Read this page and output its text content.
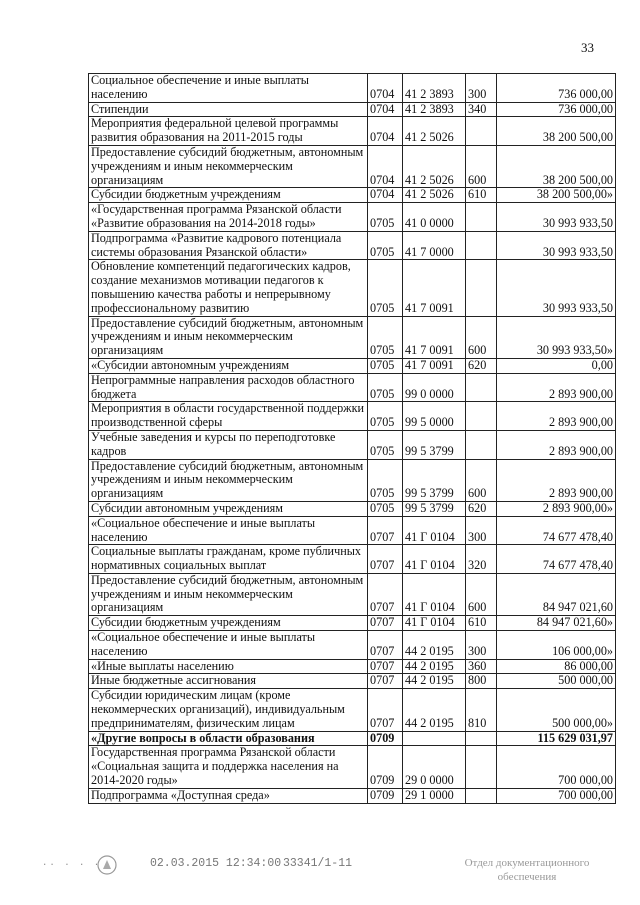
33
Социальное обеспечение и иные выплаты населению	0704	41 2 3893	300	736 000,00
Стипендии	0704	41 2 3893	340	736 000,00
Мероприятия федеральной целевой программы развития образования на 2011-2015 годы	0704	41 2 5026		38 200 500,00
Предоставление субсидий бюджетным, автономным учреждениям и иным некоммерческим организациям	0704	41 2 5026	600	38 200 500,00
Субсидии бюджетным учреждениям	0704	41 2 5026	610	38 200 500,00»
«Государственная программа Рязанской области «Развитие образования на 2014-2018 годы»	0705	41 0 0000		30 993 933,50
Подпрограмма «Развитие кадрового потенциала системы образования Рязанской области»	0705	41 7 0000		30 993 933,50
Обновление компетенций педагогических кадров, создание механизмов мотивации педагогов к повышению качества работы и непрерывному профессиональному развитию	0705	41 7 0091		30 993 933,50
Предоставление субсидий бюджетным, автономным учреждениям и иным некоммерческим организациям	0705	41 7 0091	600	30 993 933,50»
«Субсидии автономным учреждениям	0705	41 7 0091	620	0,00
Непрограммные направления расходов областного бюджета	0705	99 0 0000		2 893 900,00
Мероприятия в области государственной поддержки производственной сферы	0705	99 5 0000		2 893 900,00
Учебные заведения и курсы по переподготовке кадров	0705	99 5 3799		2 893 900,00
Предоставление субсидий бюджетным, автономным учреждениям и иным некоммерческим организациям	0705	99 5 3799	600	2 893 900,00
Субсидии автономным учреждениям	0705	99 5 3799	620	2 893 900,00»
«Социальное обеспечение и иные выплаты населению	0707	41 Г 0104	300	74 677 478,40
Социальные выплаты гражданам, кроме публичных нормативных социальных выплат	0707	41 Г 0104	320	74 677 478,40
Предоставление субсидий бюджетным, автономным учреждениям и иным некоммерческим организациям	0707	41 Г 0104	600	84 947 021,60
Субсидии бюджетным учреждениям	0707	41 Г 0104	610	84 947 021,60»
«Социальное обеспечение и иные выплаты населению	0707	44 2 0195	300	106 000,00»
«Иные выплаты населению	0707	44 2 0195	360	86 000,00
Иные бюджетные ассигнования	0707	44 2 0195	800	500 000,00
Субсидии юридическим лицам (кроме некоммерческих организаций), индивидуальным предпринимателям, физическим лицам	0707	44 2 0195	810	500 000,00»
«Другие вопросы в области образования	0709			115 629 031,97
Государственная программа Рязанской области «Социальная защита и поддержка населения на 2014-2020 годы»	0709	29 0 0000		700 000,00
Подпрограмма «Доступная среда»	0709	29 1 0000		700 000,00
·· · · ·	02.03.2015 12:34:00 33341/1-11	Отдел документационного
обеспечения
